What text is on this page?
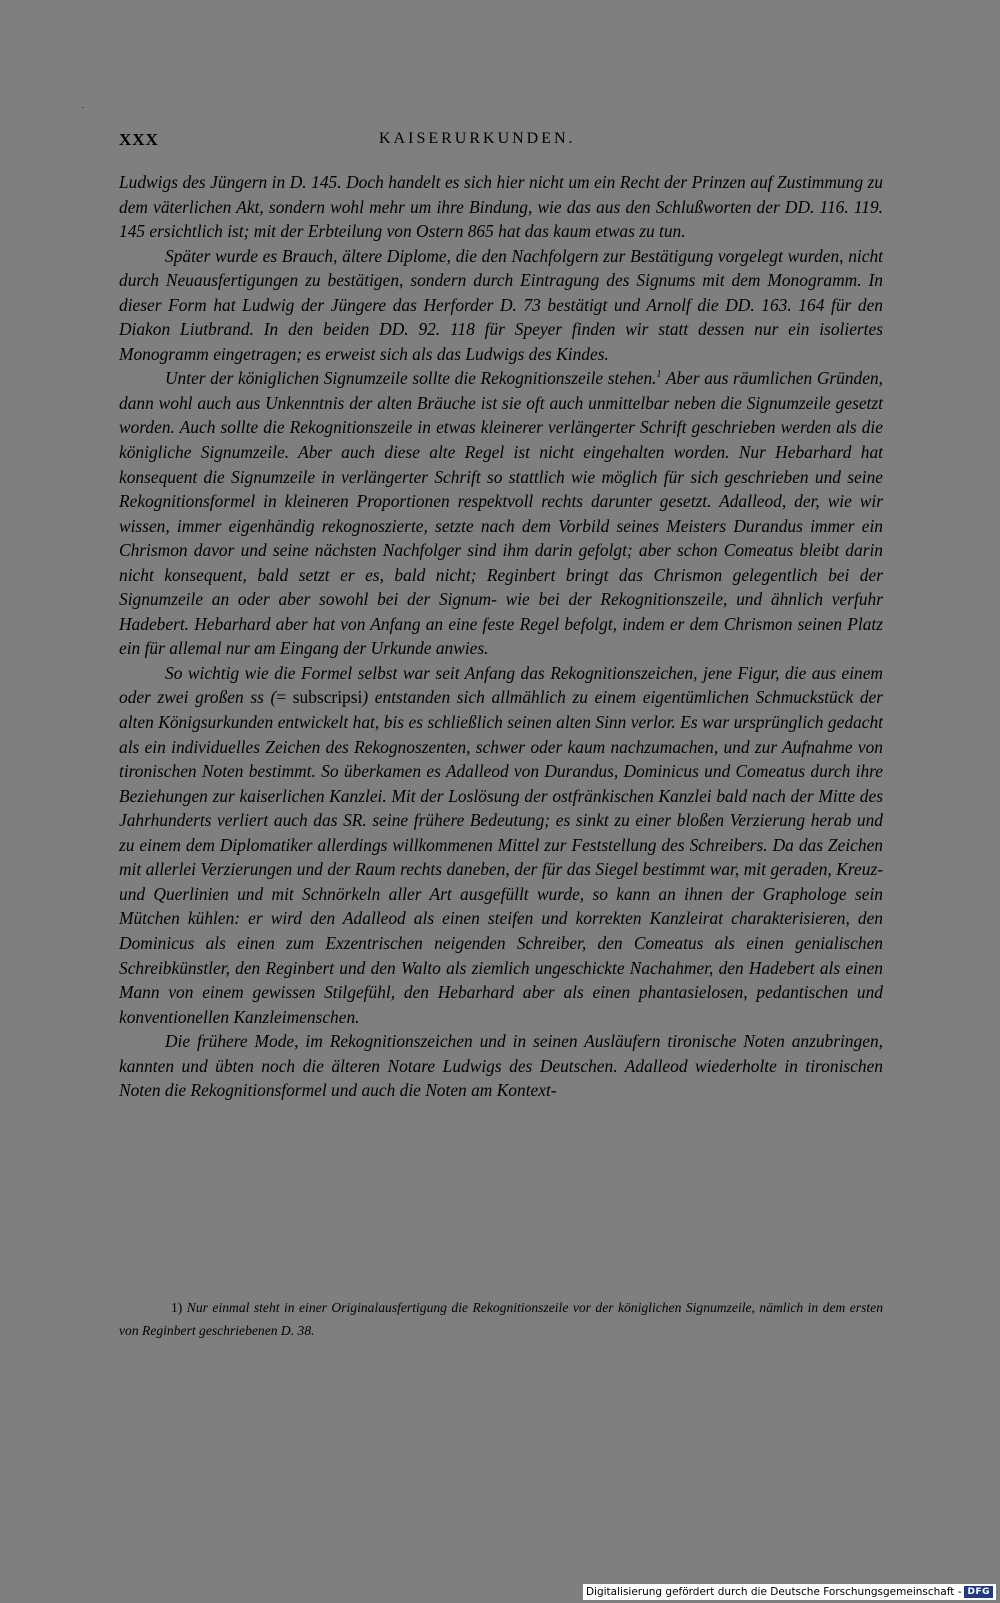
XXX	KAISERURKUNDEN.

Ludwigs des Jüngern in D. 145. Doch handelt es sich hier nicht um ein Recht der Prinzen auf Zustimmung zu dem väterlichen Akt, sondern wohl mehr um ihre Bindung, wie das aus den Schlußworten der DD. 116. 119. 145 ersichtlich ist; mit der Erbteilung von Ostern 865 hat das kaum etwas zu tun.

Später wurde es Brauch, ältere Diplome, die den Nachfolgern zur Bestätigung vorgelegt wurden, nicht durch Neuausfertigungen zu bestätigen, sondern durch Eintragung des Signums mit dem Monogramm. In dieser Form hat Ludwig der Jüngere das Herforder D. 73 bestätigt und Arnolf die DD. 163. 164 für den Diakon Liutbrand. In den beiden DD. 92. 118 für Speyer finden wir statt dessen nur ein isoliertes Monogramm eingetragen; es erweist sich als das Ludwigs des Kindes.

Unter der königlichen Signumzeile sollte die Rekognitionszeile stehen.$^1$ Aber aus räumlichen Gründen, dann wohl auch aus Unkenntnis der alten Bräuche ist sie oft auch unmittelbar neben die Signumzeile gesetzt worden. Auch sollte die Rekognitionszeile in etwas kleinerer verlängerter Schrift geschrieben werden als die königliche Signumzeile. Aber auch diese alte Regel ist nicht eingehalten worden. Nur Hebarhard hat konsequent die Signumzeile in verlängerter Schrift so stattlich wie möglich für sich geschrieben und seine Rekognitionsformel in kleineren Proportionen respektvoll rechts darunter gesetzt. Adalleod, der, wie wir wissen, immer eigenhändig rekognoszierte, setzte nach dem Vorbild seines Meisters Durandus immer ein Chrismon davor und seine nächsten Nachfolger sind ihm darin gefolgt; aber schon Comeatus bleibt darin nicht konsequent, bald setzt er es, bald nicht; Reginbert bringt das Chrismon gelegentlich bei der Signumzeile an oder aber sowohl bei der Signum- wie bei der Rekognitionszeile, und ähnlich verfuhr Hadebert. Hebarhard aber hat von Anfang an eine feste Regel befolgt, indem er dem Chrismon seinen Platz ein für allemal nur am Eingang der Urkunde anwies.

So wichtig wie die Formel selbst war seit Anfang das Rekognitionszeichen, jene Figur, die aus einem oder zwei großen ss (= subscripsi) entstanden sich allmählich zu einem eigentümlichen Schmuckstück der alten Königsurkunden entwickelt hat, bis es schließlich seinen alten Sinn verlor. Es war ursprünglich gedacht als ein individuelles Zeichen des Rekognoszenten, schwer oder kaum nachzumachen, und zur Aufnahme von tironischen Noten bestimmt. So überkamen es Adalleod von Durandus, Dominicus und Comeatus durch ihre Beziehungen zur kaiserlichen Kanzlei. Mit der Loslösung der ostfränkischen Kanzlei bald nach der Mitte des Jahrhunderts verliert auch das SR. seine frühere Bedeutung; es sinkt zu einer bloßen Verzierung herab und zu einem dem Diplomatiker allerdings willkommenen Mittel zur Feststellung des Schreibers. Da das Zeichen mit allerlei Verzierungen und der Raum rechts daneben, der für das Siegel bestimmt war, mit geraden, Kreuz- und Querlinien und mit Schnörkeln aller Art ausgefüllt wurde, so kann an ihnen der Graphologe sein Mütchen kühlen: er wird den Adalleod als einen steifen und korrekten Kanzleirat charakterisieren, den Dominicus als einen zum Exzentrischen neigenden Schreiber, den Comeatus als einen genialischen Schreibkünstler, den Reginbert und den Walto als ziemlich ungeschickte Nachahmer, den Hadebert als einen Mann von einem gewissen Stilgefühl, den Hebarhard aber als einen phantasielosen, pedantischen und konventionellen Kanzleimenschen.

Die frühere Mode, im Rekognitionszeichen und in seinen Ausläufern tironische Noten anzubringen, kannten und übten noch die älteren Notare Ludwigs des Deutschen. Adalleod wiederholte in tironischen Noten die Rekognitionsformel und auch die Noten am Kontext-

1) Nur einmal steht in einer Originalausfertigung die Rekognitionszeile vor der königlichen Signumzeile, nämlich in dem ersten von Reginbert geschriebenen D. 38.
Digitalisierung gefördert durch die Deutsche Forschungsgemeinschaft - DFG
